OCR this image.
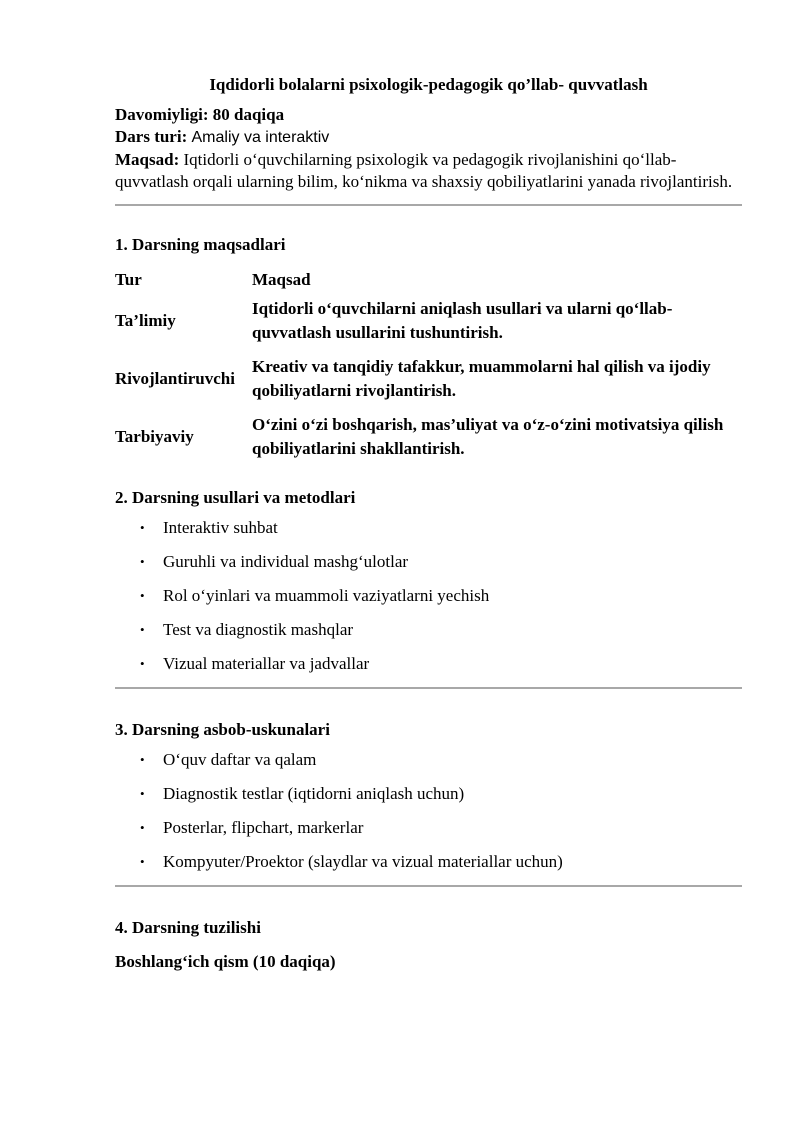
Iqdidorli bolalarni psixologik-pedagogik qo’llab- quvvatlash

Davomiyligi: 80 daqiqa

Dars turi: Amaliy va interaktiv

Maqsad: Iqtidorli o‘quvchilarning psixologik va pedagogik rivojlanishini qo‘llab-quvvatlash orqali ularning bilim, ko‘nikma va shaxsiy qobiliyatlarini yanada rivojlantirish.

1. Darsning maqsadlari
Tur	Maqsad
Ta’limiy	Iqtidorli o‘quvchilarni aniqlash usullari va ularni qo‘llab-quvvatlash usullarini tushuntirish.
Rivojlantiruvchi	Kreativ va tanqidiy tafakkur, muammolarni hal qilish va ijodiy qobiliyatlarni rivojlantirish.
Tarbiyaviy	O‘zini o‘zi boshqarish, mas’uliyat va o‘z-o‘zini motivatsiya qilish qobiliyatlarini shakllantirish.
2. Darsning usullari va metodlari
• Interaktiv suhbat
• Guruhli va individual mashg‘ulotlar
• Rol o‘yinlari va muammoli vaziyatlarni yechish
• Test va diagnostik mashqlar
• Vizual materiallar va jadvallar
3. Darsning asbob-uskunalari
• O‘quv daftar va qalam
• Diagnostik testlar (iqtidorni aniqlash uchun)
• Posterlar, flipchart, markerlar
• Kompyuter/Proektor (slaydlar va vizual materiallar uchun)
4. Darsning tuzilishi
Boshlang‘ich qism (10 daqiqa)
